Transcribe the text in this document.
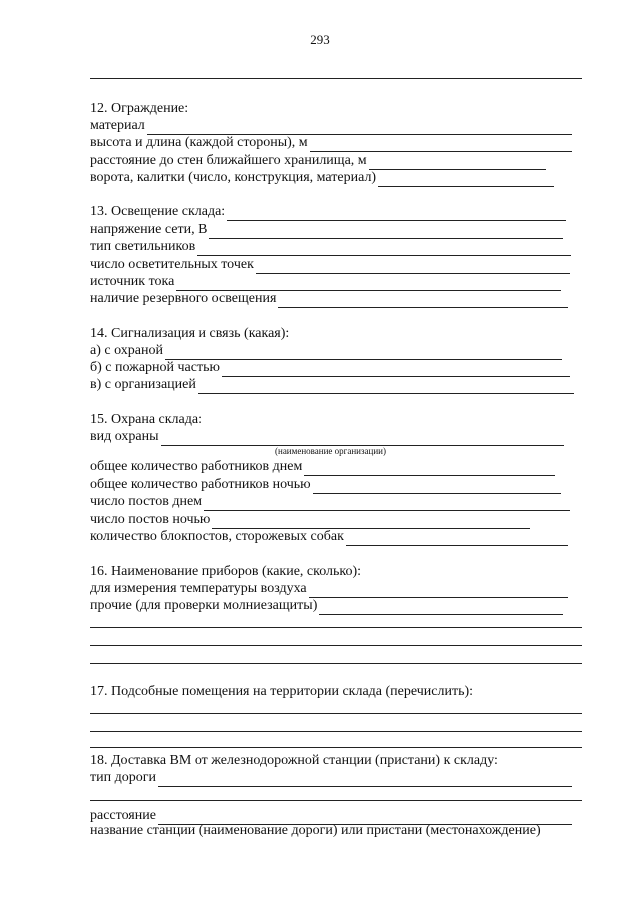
293
12. Ограждение:
материал
высота и длина (каждой стороны), м
расстояние до стен ближайшего хранилища, м
ворота, калитки (число, конструкция, материал)
13. Освещение склада:
напряжение сети, В
тип светильников
число осветительных точек
источник тока
наличие резервного освещения
14. Сигнализация и связь (какая):
а) с охраной
б) с пожарной частью
в) с организацией
15. Охрана склада:
вид охраны
(наименование организации)
общее количество работников днем
общее количество работников ночью
число постов днем
число постов ночью
количество блокпостов, сторожевых собак
16. Наименование приборов (какие, сколько):
для измерения температуры воздуха
прочие (для проверки молниезащиты)
17. Подсобные помещения на территории склада (перечислить):
18. Доставка ВМ от железнодорожной станции (пристани) к складу:
тип дороги
расстояние
название станции (наименование дороги) или пристани (местонахождение)
